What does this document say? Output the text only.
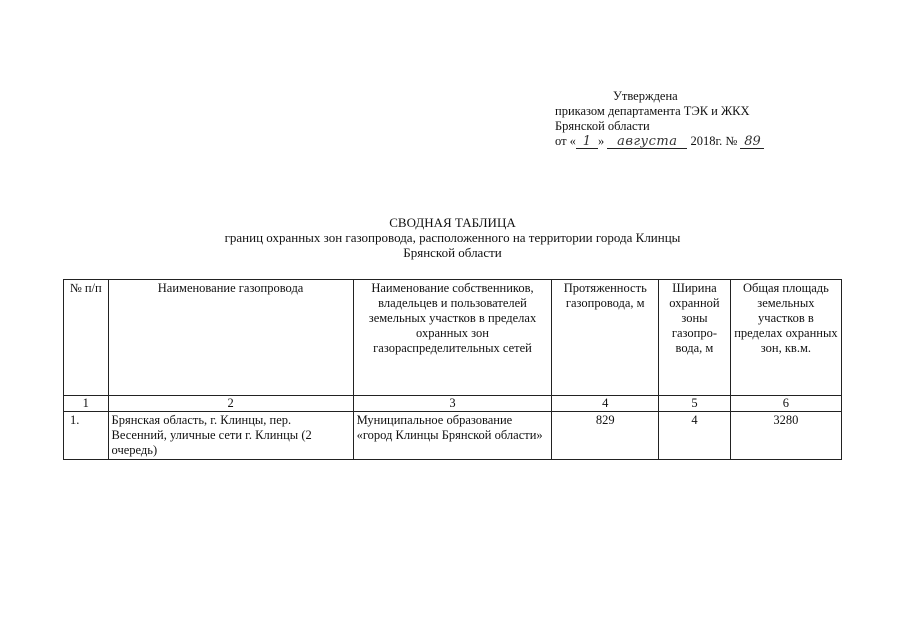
Утверждена
приказом департамента ТЭК и ЖКХ
Брянской области
от « 1 » августа 2018г. № 89
СВОДНАЯ ТАБЛИЦА
границ охранных зон газопровода, расположенного на территории города Клинцы
Брянской области
№ п/п	Наименование газопровода	Наименование собственников, владельцев и пользователей земельных участков в пределах охранных зон газораспределительных сетей	Протяженность газопровода, м	Ширина охранной зоны газопро-вода, м	Общая площадь земельных участков в пределах охранных зон, кв.м.
1	2	3	4	5	6
1.	Брянская область, г. Клинцы, пер. Весенний, уличные сети г. Клинцы (2 очередь)	Муниципальное образование «город Клинцы Брянской области»	829	4	3280
